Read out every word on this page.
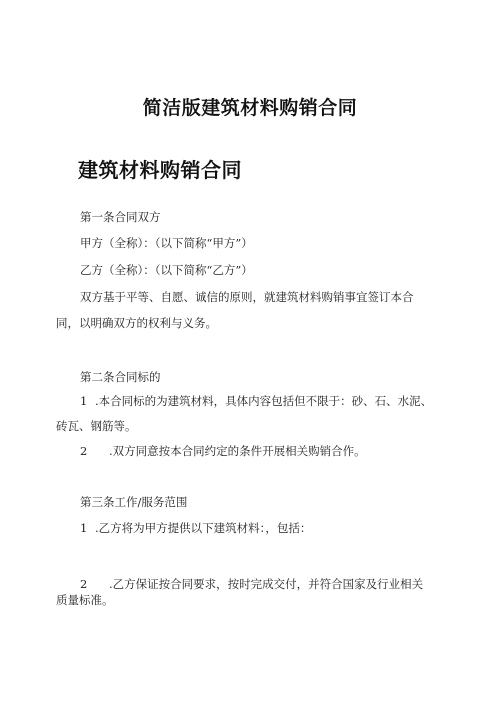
简洁版建筑材料购销合同
建筑材料购销合同
第一条合同双方
甲方（全称）：（以下简称“甲方”）
乙方（全称）：（以下简称“乙方”）
双方基于平等、自愿、诚信的原则，就建筑材料购销事宜签订本合
同，以明确双方的权利与义务。
第二条合同标的
1 .本合同标的为建筑材料，具体内容包括但不限于：砂、石、水泥、
砖瓦、钢筋等。
2 .双方同意按本合同约定的条件开展相关购销合作。
第三条工作/服务范围
1 .乙方将为甲方提供以下建筑材料：，包括：
2 .乙方保证按合同要求，按时完成交付，并符合国家及行业相关
质量标准。
